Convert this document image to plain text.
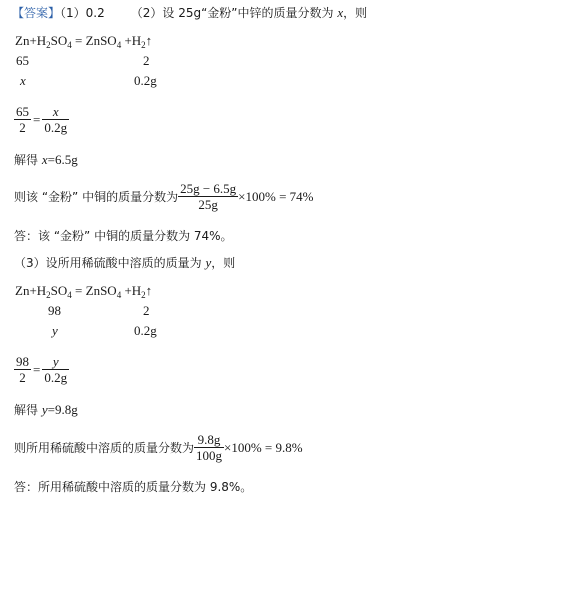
【答案】（1）0.2 （2）设 25g“金粉”中锌的质量分数为 x，则
$Zn+H_2SO_4$ = ZnSO$_4$ $+H_2↑$
65	2
x	0.2g
$\frac{65}{2} = \frac{x}{0.2g}$
解得 x=6.5g
则该 “金粉” 中铜的质量分数为 $\frac{25g - 6.5g}{25g} \times 100\% = 74\%$
答：该 “金粉” 中铜的质量分数为 74%。
（3）设所用稀硫酸中溶质的质量为 y，则
$Zn+H_2SO_4$ = ZnSO$_4$ $+H_2↑$
98	2
y	0.2g
$\frac{98}{2} = \frac{y}{0.2g}$
解得 y=9.8g
则所用稀硫酸中溶质的质量分数为 $\frac{9.8g}{100g} \times 100\% = 9.8\%$
答：所用稀硫酸中溶质的质量分数为 9.8%。
